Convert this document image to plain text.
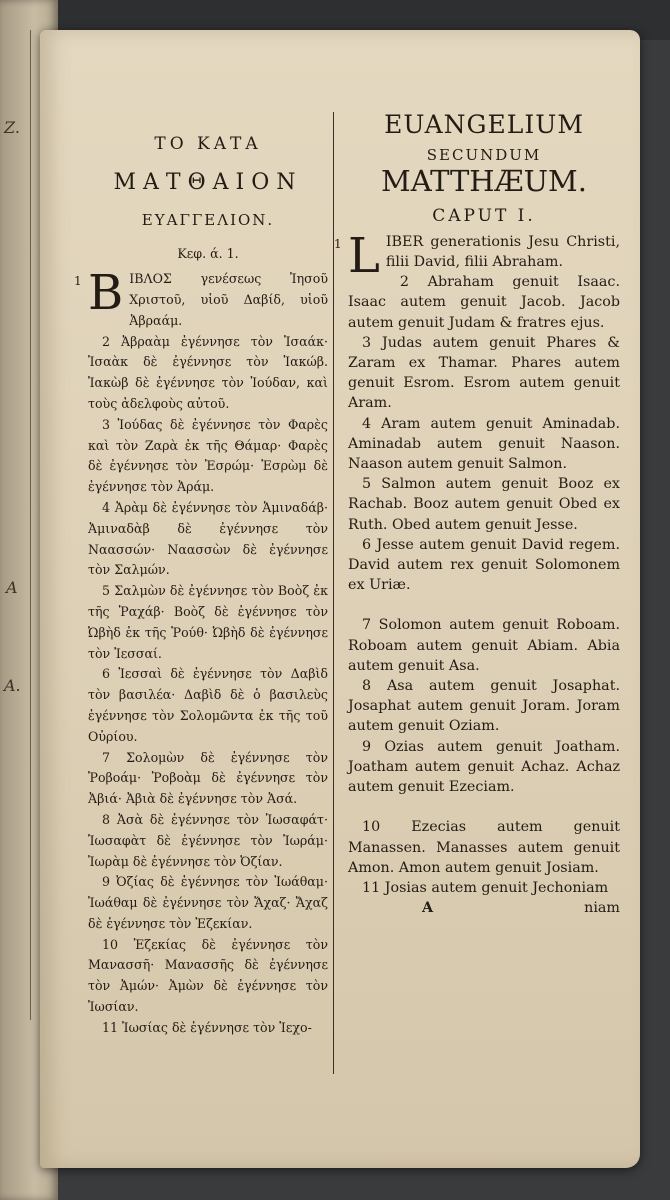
Z.
A
A.
ΤΟ ΚΑΤΑ
ΜΑΤΘΑΙΟΝ
ΕΥΑΓΓΕΛΙΟΝ.
Κεφ. ά. 1.
1 Β ΙΒΛΟΣ γενέσεως Ἰησοῦ Χριστοῦ, υἱοῦ Δαβίδ, υἱοῦ Ἀβραάμ.
2 Ἀβραὰμ ἐγέννησε τὸν Ἰσαάκ· Ἰσαὰκ δὲ ἐγέννησε τὸν Ἰακώβ. Ἰακὼβ δὲ ἐγέννησε τὸν Ἰούδαν, καὶ τοὺς ἀδελφοὺς αὐτοῦ.
3 Ἰούδας δὲ ἐγέννησε τὸν Φαρὲς καὶ τὸν Ζαρὰ ἐκ τῆς Θάμαρ· Φαρὲς δὲ ἐγέννησε τὸν Ἐσρώμ· Ἐσρὼμ δὲ ἐγέννησε τὸν Ἀράμ.
4 Ἀρὰμ δὲ ἐγέννησε τὸν Ἀμιναδάβ· Ἀμιναδὰβ δὲ ἐγέννησε τὸν Ναασσών· Ναασσὼν δὲ ἐγέννησε τὸν Σαλμών.
5 Σαλμὼν δὲ ἐγέννησε τὸν Βοὸζ ἐκ τῆς Ῥαχάβ· Βοὸζ δὲ ἐγέννησε τὸν Ὠβὴδ ἐκ τῆς Ῥούθ· Ὠβὴδ δὲ ἐγέννησε τὸν Ἰεσσαί.
6 Ἰεσσαὶ δὲ ἐγέννησε τὸν Δαβὶδ τὸν βασιλέα· Δαβὶδ δὲ ὁ βασιλεὺς ἐγέννησε τὸν Σολομῶντα ἐκ τῆς τοῦ Οὐρίου.
7 Σολομὼν δὲ ἐγέννησε τὸν Ῥοβοάμ· Ῥοβοὰμ δὲ ἐγέννησε τὸν Ἀβιά· Ἀβιὰ δὲ ἐγέννησε τὸν Ἀσά.
8 Ἀσὰ δὲ ἐγέννησε τὸν Ἰωσαφάτ· Ἰωσαφὰτ δὲ ἐγέννησε τὸν Ἰωράμ· Ἰωρὰμ δὲ ἐγέννησε τὸν Ὀζίαν.
9 Ὀζίας δὲ ἐγέννησε τὸν Ἰωάθαμ· Ἰωάθαμ δὲ ἐγέννησε τὸν Ἄχαζ· Ἄχαζ δὲ ἐγέννησε τὸν Ἐζεκίαν.
10 Ἐζεκίας δὲ ἐγέννησε τὸν Μανασσῆ· Μανασσῆς δὲ ἐγέννησε τὸν Ἀμών· Ἀμὼν δὲ ἐγέννησε τὸν Ἰωσίαν.
11 Ἰωσίας δὲ ἐγέννησε τὸν Ἰεχο-
EUANGELIUM
SECUNDUM
MATTHÆUM.
CAPUT I.
1 L IBER generationis Jesu Christi, filii David, filii Abraham.
2 Abraham genuit Isaac. Isaac autem genuit Jacob. Jacob autem genuit Judam & fratres ejus.
3 Judas autem genuit Phares & Zaram ex Thamar. Phares autem genuit Esrom. Esrom autem genuit Aram.
4 Aram autem genuit Aminadab. Aminadab autem genuit Naason. Naason autem genuit Salmon.
5 Salmon autem genuit Booz ex Rachab. Booz autem genuit Obed ex Ruth. Obed autem genuit Jesse.
6 Jesse autem genuit David regem. David autem rex genuit Solomonem ex Uriæ.
7 Solomon autem genuit Roboam. Roboam autem genuit Abiam. Abia autem genuit Asa.
8 Asa autem genuit Josaphat. Josaphat autem genuit Joram. Joram autem genuit Oziam.
9 Ozias autem genuit Joatham. Joatham autem genuit Achaz. Achaz autem genuit Ezeciam.
10 Ezecias autem genuit Manassen. Manasses autem genuit Amon. Amon autem genuit Josiam.
11 Josias autem genuit Jechoniam
A	niam
